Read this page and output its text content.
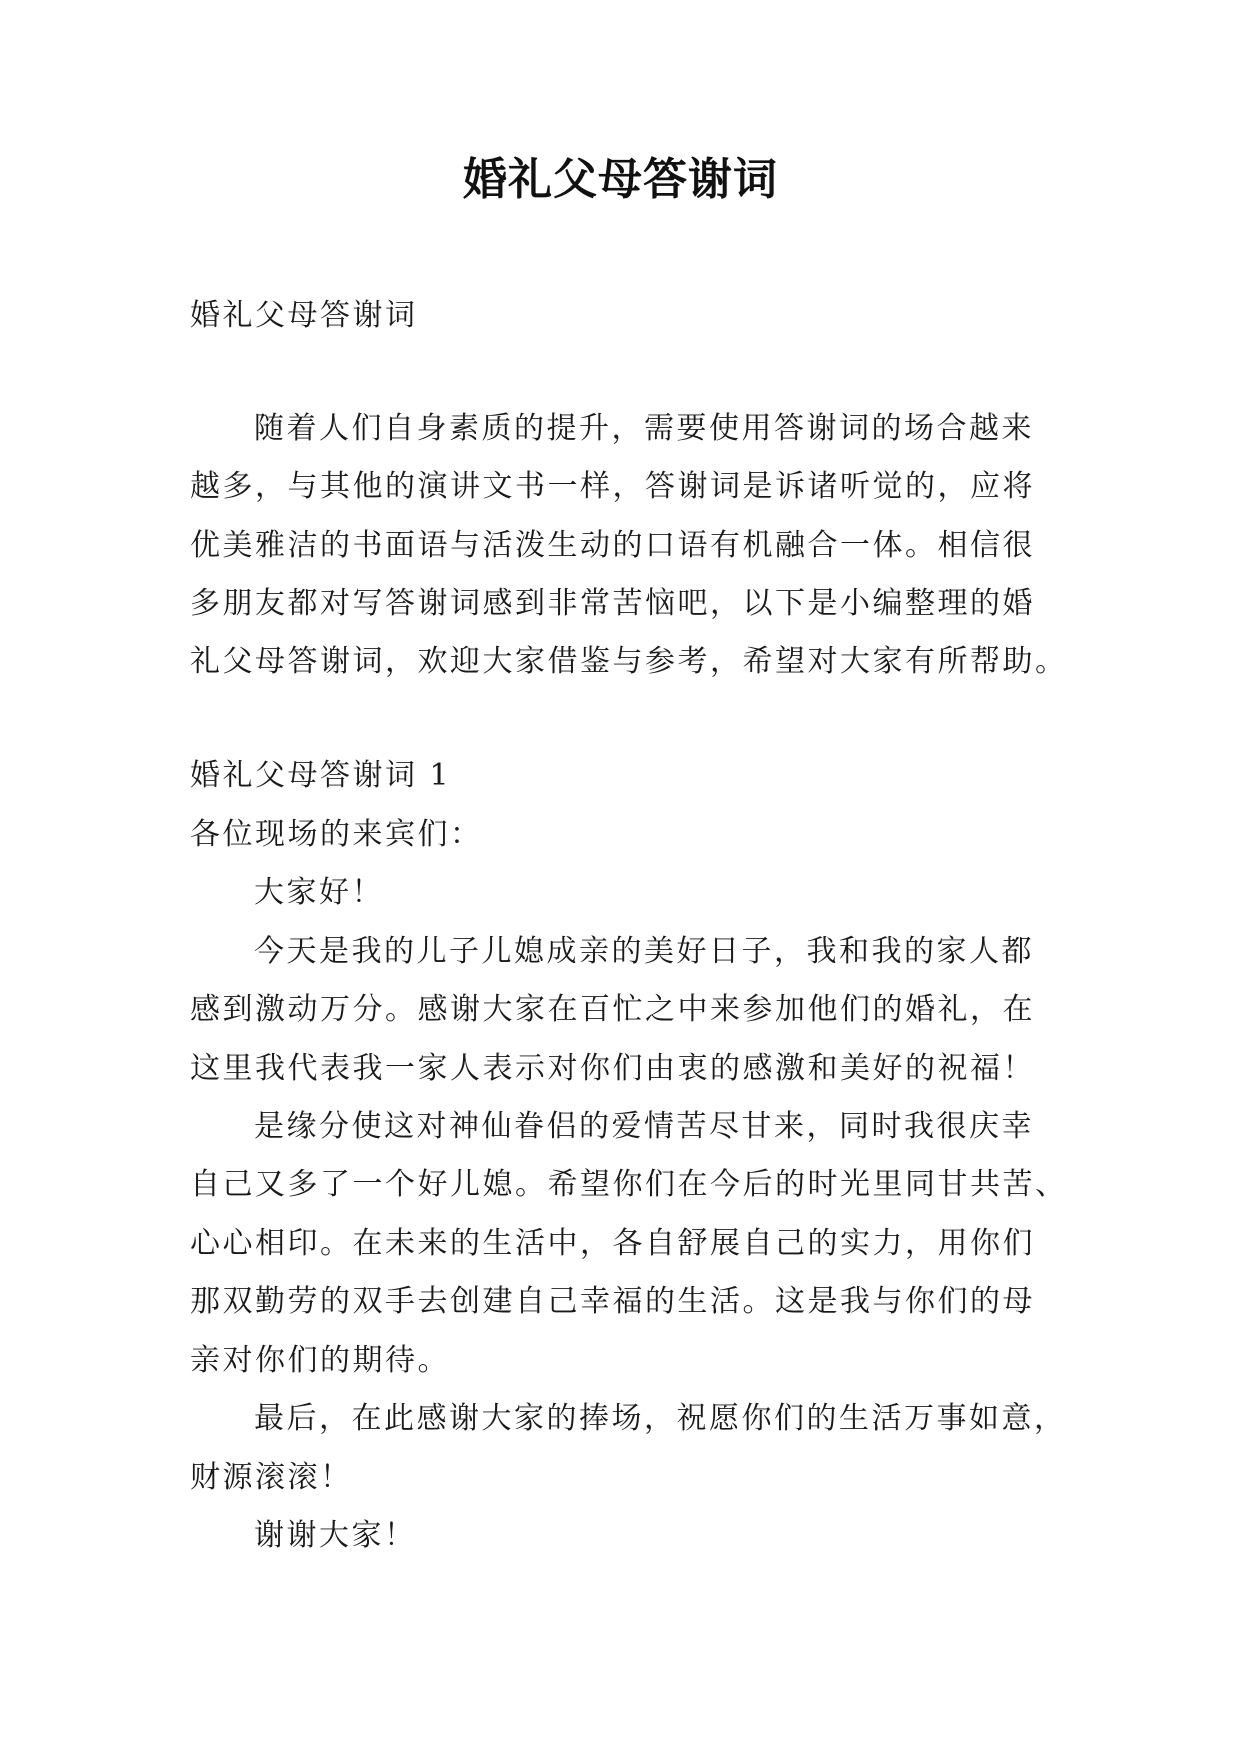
婚礼父母答谢词
婚礼父母答谢词
随着人们自身素质的提升，需要使用答谢词的场合越来
越多，与其他的演讲文书一样，答谢词是诉诸听觉的，应将
优美雅洁的书面语与活泼生动的口语有机融合一体。相信很
多朋友都对写答谢词感到非常苦恼吧，以下是小编整理的婚
礼父母答谢词，欢迎大家借鉴与参考，希望对大家有所帮助。
婚礼父母答谢词 1
各位现场的来宾们：
大家好！
今天是我的儿子儿媳成亲的美好日子，我和我的家人都
感到激动万分。感谢大家在百忙之中来参加他们的婚礼，在
这里我代表我一家人表示对你们由衷的感激和美好的祝福！
是缘分使这对神仙眷侣的爱情苦尽甘来，同时我很庆幸
自己又多了一个好儿媳。希望你们在今后的时光里同甘共苦、
心心相印。在未来的生活中，各自舒展自己的实力，用你们
那双勤劳的双手去创建自己幸福的生活。这是我与你们的母
亲对你们的期待。
最后，在此感谢大家的捧场，祝愿你们的生活万事如意，
财源滚滚！
谢谢大家！
